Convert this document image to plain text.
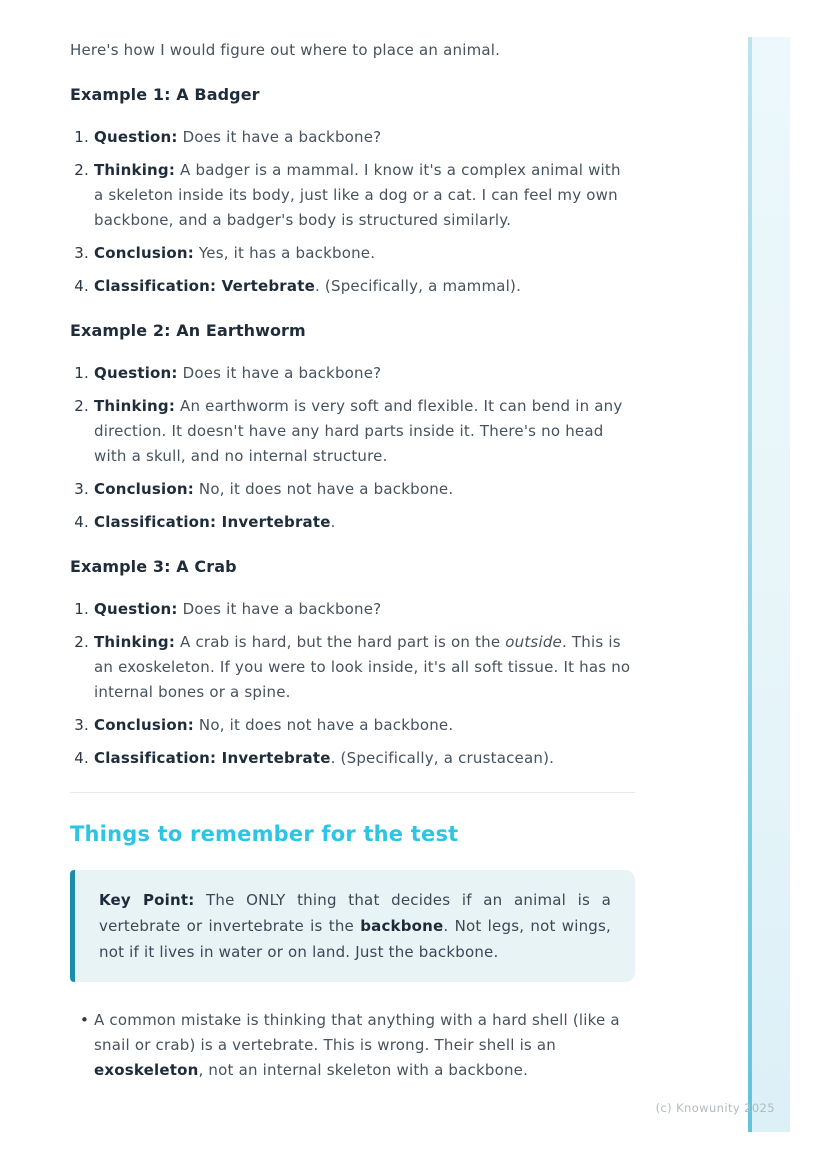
Here's how I would figure out where to place an animal.

Example 1: A Badger
1. Question: Does it have a backbone?
2. Thinking: A badger is a mammal. I know it's a complex animal with a skeleton inside its body, just like a dog or a cat. I can feel my own backbone, and a badger's body is structured similarly.
3. Conclusion: Yes, it has a backbone.
4. Classification: Vertebrate. (Specifically, a mammal).
Example 2: An Earthworm
1. Question: Does it have a backbone?
2. Thinking: An earthworm is very soft and flexible. It can bend in any direction. It doesn't have any hard parts inside it. There's no head with a skull, and no internal structure.
3. Conclusion: No, it does not have a backbone.
4. Classification: Invertebrate.
Example 3: A Crab
1. Question: Does it have a backbone?
2. Thinking: A crab is hard, but the hard part is on the outside. This is an exoskeleton. If you were to look inside, it's all soft tissue. It has no internal bones or a spine.
3. Conclusion: No, it does not have a backbone.
4. Classification: Invertebrate. (Specifically, a crustacean).
Things to remember for the test

Key Point: The ONLY thing that decides if an animal is a vertebrate or invertebrate is the backbone. Not legs, not wings, not if it lives in water or on land. Just the backbone.

• A common mistake is thinking that anything with a hard shell (like a snail or crab) is a vertebrate. This is wrong. Their shell is an exoskeleton, not an internal skeleton with a backbone.
(c) Knowunity 2025
